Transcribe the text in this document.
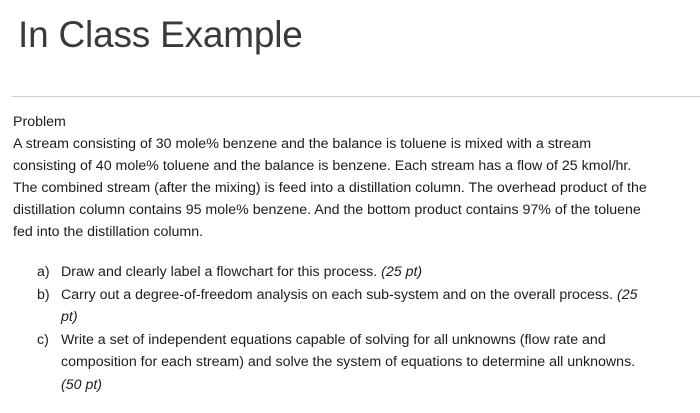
In Class Example

Problem

A stream consisting of 30 mole% benzene and the balance is toluene is mixed with a stream consisting of 40 mole% toluene and the balance is benzene. Each stream has a flow of 25 kmol/hr. The combined stream (after the mixing) is feed into a distillation column. The overhead product of the distillation column contains 95 mole% benzene. And the bottom product contains 97% of the toluene fed into the distillation column.

a) Draw and clearly label a flowchart for this process. (25 pt)
b) Carry out a degree-of-freedom analysis on each sub-system and on the overall process. (25 pt)
c) Write a set of independent equations capable of solving for all unknowns (flow rate and composition for each stream) and solve the system of equations to determine all unknowns. (50 pt)
